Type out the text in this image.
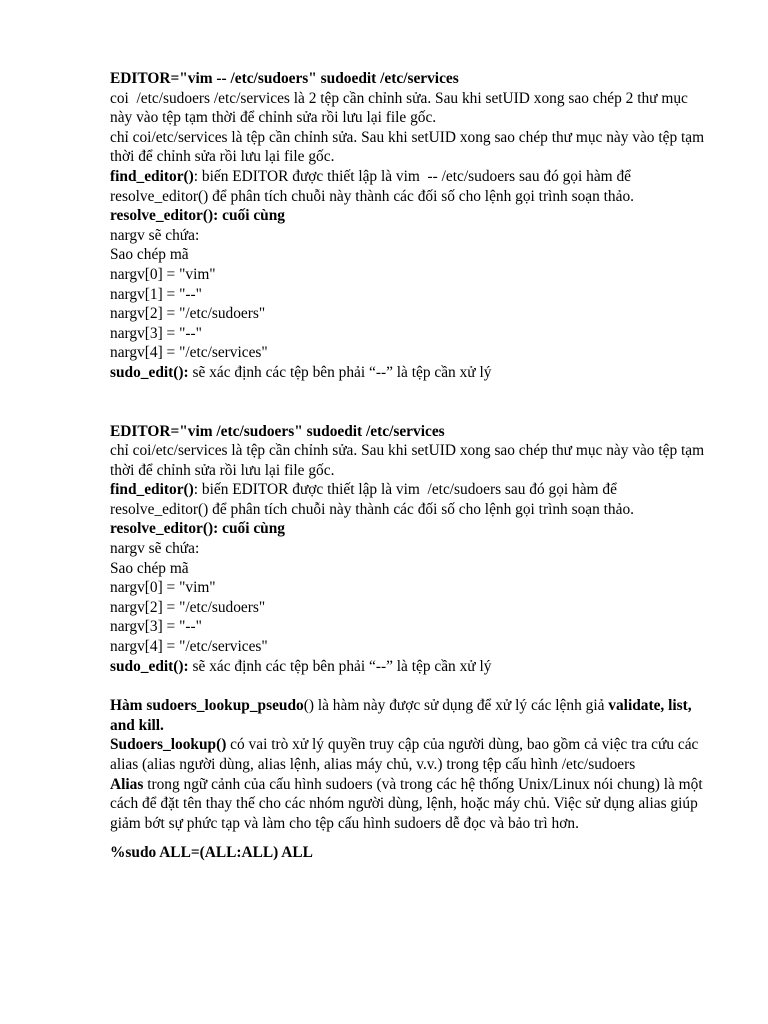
EDITOR="vim -- /etc/sudoers" sudoedit /etc/services

coi  /etc/sudoers /etc/services là 2 tệp cần chỉnh sửa. Sau khi setUID xong sao chép 2 thư mục này vào tệp tạm thời để chỉnh sửa rồi lưu lại file gốc.

chỉ coi/etc/services là tệp cần chỉnh sửa. Sau khi setUID xong sao chép thư mục này vào tệp tạm thời để chỉnh sửa rồi lưu lại file gốc.

find_editor(): biến EDITOR được thiết lập là vim  -- /etc/sudoers sau đó gọi hàm để resolve_editor() để phân tích chuỗi này thành các đối số cho lệnh gọi trình soạn thảo.

resolve_editor(): cuối cùng

nargv sẽ chứa:

Sao chép mã

nargv[0] = "vim"

nargv[1] = "--"

nargv[2] = "/etc/sudoers"

nargv[3] = "--"

nargv[4] = "/etc/services"

sudo_edit(): sẽ xác định các tệp bên phải “--” là tệp cần xử lý

EDITOR="vim /etc/sudoers" sudoedit /etc/services

chỉ coi/etc/services là tệp cần chỉnh sửa. Sau khi setUID xong sao chép thư mục này vào tệp tạm thời để chỉnh sửa rồi lưu lại file gốc.

find_editor(): biến EDITOR được thiết lập là vim  /etc/sudoers sau đó gọi hàm để resolve_editor() để phân tích chuỗi này thành các đối số cho lệnh gọi trình soạn thảo.

resolve_editor(): cuối cùng

nargv sẽ chứa:

Sao chép mã

nargv[0] = "vim"

nargv[2] = "/etc/sudoers"

nargv[3] = "--"

nargv[4] = "/etc/services"

sudo_edit(): sẽ xác định các tệp bên phải “--” là tệp cần xử lý

Hàm sudoers_lookup_pseudo() là hàm này được sử dụng để xử lý các lệnh giả validate, list, and kill.

Sudoers_lookup() có vai trò xử lý quyền truy cập của người dùng, bao gồm cả việc tra cứu các alias (alias người dùng, alias lệnh, alias máy chủ, v.v.) trong tệp cấu hình /etc/sudoers

Alias trong ngữ cảnh của cấu hình sudoers (và trong các hệ thống Unix/Linux nói chung) là một cách để đặt tên thay thế cho các nhóm người dùng, lệnh, hoặc máy chủ. Việc sử dụng alias giúp giảm bớt sự phức tạp và làm cho tệp cấu hình sudoers dễ đọc và bảo trì hơn.

%sudo ALL=(ALL:ALL) ALL
